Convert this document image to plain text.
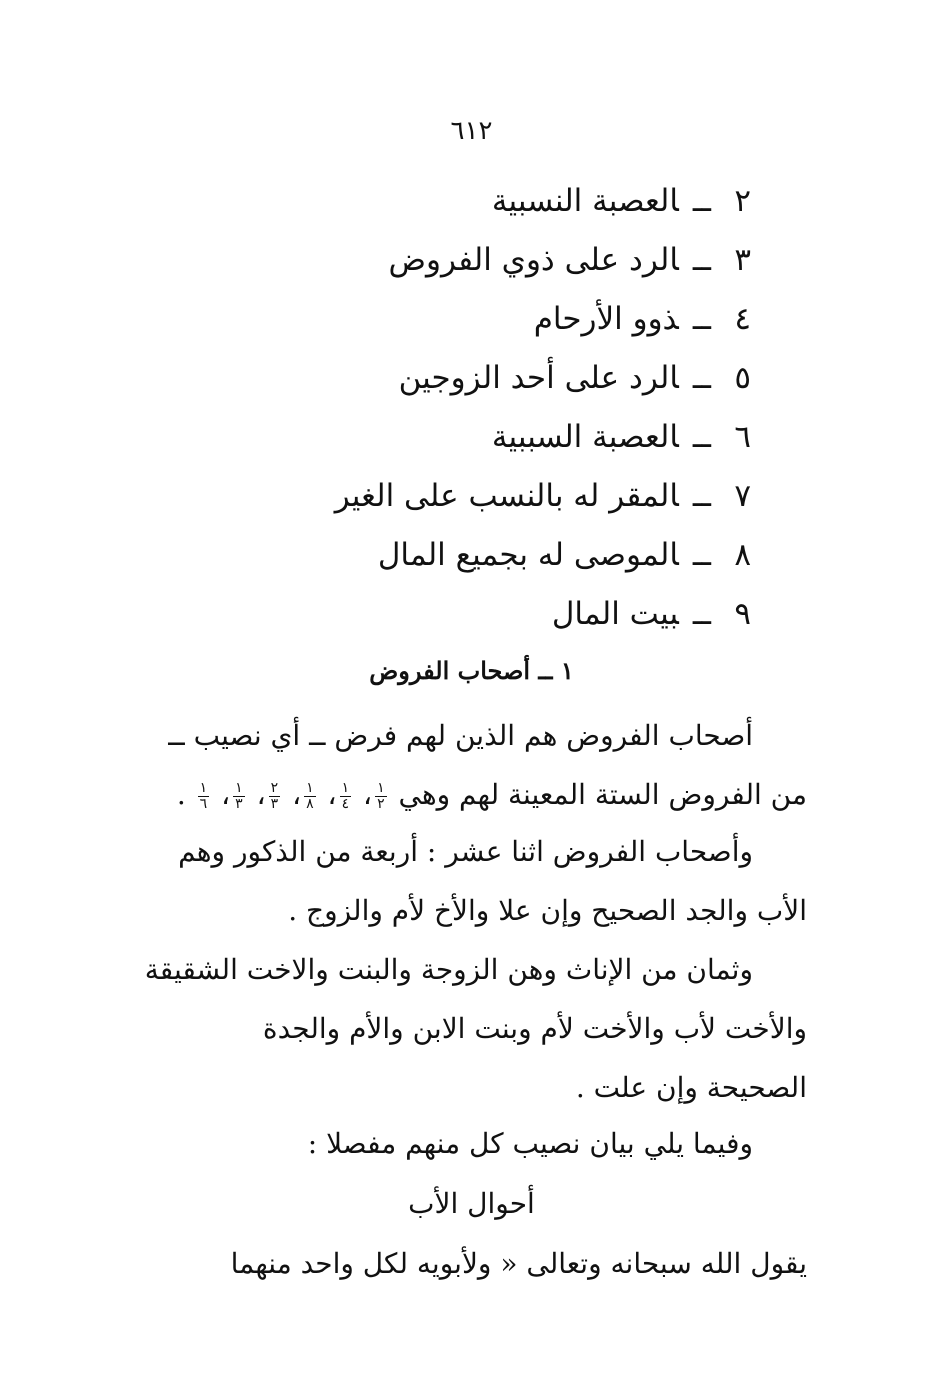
٦١٢
٢ــالعصبة النسبية
٣ــالرد على ذوي الفروض
٤ــذوو الأرحام
٥ــالرد على أحد الزوجين
٦ــالعصبة السببية
٧ــالمقر له بالنسب على الغير
٨ــالموصى له بجميع المال
٩ــبيت المال
١ ــ أصحاب الفروض
أصحاب الفروض هم الذين لهم فرض ــ أي نصيب ــ
من الفروض الستة المعينة لهم وهي
$\frac{١}{٢}$
،
$\frac{١}{٤}$
،
$\frac{١}{٨}$
،
$\frac{٢}{٣}$
،
$\frac{١}{٣}$
،
$\frac{١}{٦}$
.
وأصحاب الفروض اثنا عشر : أربعة من الذكور وهم
الأب والجد الصحيح وإن علا والأخ لأم والزوج .
وثمان من الإناث وهن الزوجة والبنت والاخت الشقيقة
والأخت لأب والأخت لأم وبنت الابن والأم والجدة
الصحيحة وإن علت .
وفيما يلي بيان نصيب كل منهم مفصلا :
أحوال الأب
يقول الله سبحانه وتعالى « ولأبويه لكل واحد منهما
